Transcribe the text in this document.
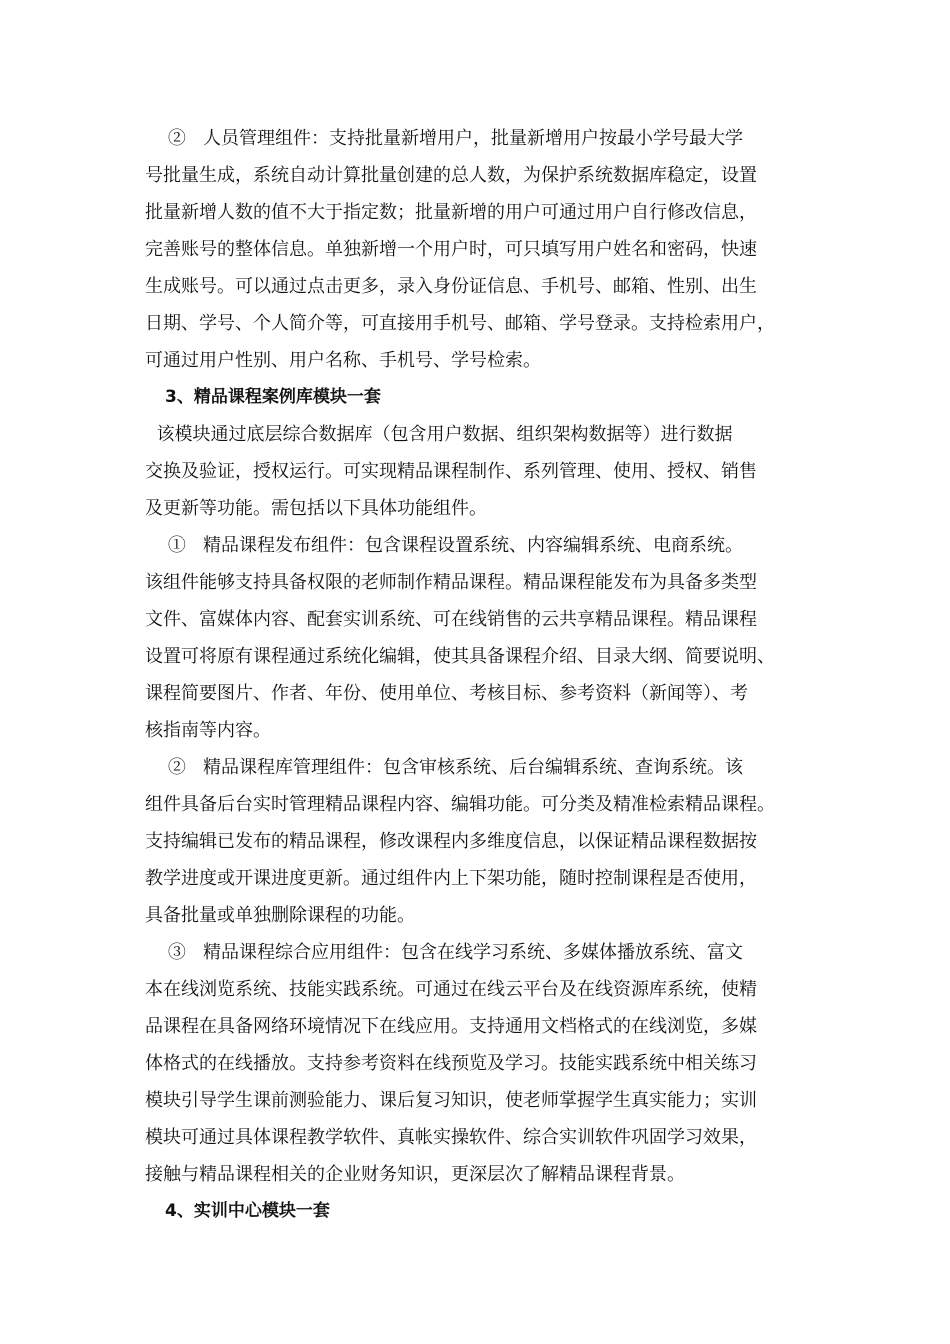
②   人员管理组件：支持批量新增用户，批量新增用户按最小学号最大学
号批量生成，系统自动计算批量创建的总人数，为保护系统数据库稳定，设置
批量新增人数的值不大于指定数；批量新增的用户可通过用户自行修改信息，
完善账号的整体信息。单独新增一个用户时，可只填写用户姓名和密码，快速
生成账号。可以通过点击更多，录入身份证信息、手机号、邮箱、性别、出生
日期、学号、个人简介等，可直接用手机号、邮箱、学号登录。支持检索用户，
可通过用户性别、用户名称、手机号、学号检索。
3、精品课程案例库模块一套
该模块通过底层综合数据库（包含用户数据、组织架构数据等）进行数据
交换及验证，授权运行。可实现精品课程制作、系列管理、使用、授权、销售
及更新等功能。需包括以下具体功能组件。
①   精品课程发布组件：包含课程设置系统、内容编辑系统、电商系统。
该组件能够支持具备权限的老师制作精品课程。精品课程能发布为具备多类型
文件、富媒体内容、配套实训系统、可在线销售的云共享精品课程。精品课程
设置可将原有课程通过系统化编辑，使其具备课程介绍、目录大纲、简要说明、
课程简要图片、作者、年份、使用单位、考核目标、参考资料（新闻等）、考
核指南等内容。
②   精品课程库管理组件：包含审核系统、后台编辑系统、查询系统。该
组件具备后台实时管理精品课程内容、编辑功能。可分类及精准检索精品课程。
支持编辑已发布的精品课程，修改课程内多维度信息，以保证精品课程数据按
教学进度或开课进度更新。通过组件内上下架功能，随时控制课程是否使用，
具备批量或单独删除课程的功能。
③   精品课程综合应用组件：包含在线学习系统、多媒体播放系统、富文
本在线浏览系统、技能实践系统。可通过在线云平台及在线资源库系统，使精
品课程在具备网络环境情况下在线应用。支持通用文档格式的在线浏览，多媒
体格式的在线播放。支持参考资料在线预览及学习。技能实践系统中相关练习
模块引导学生课前测验能力、课后复习知识，使老师掌握学生真实能力；实训
模块可通过具体课程教学软件、真帐实操软件、综合实训软件巩固学习效果，
接触与精品课程相关的企业财务知识，更深层次了解精品课程背景。
4、实训中心模块一套
